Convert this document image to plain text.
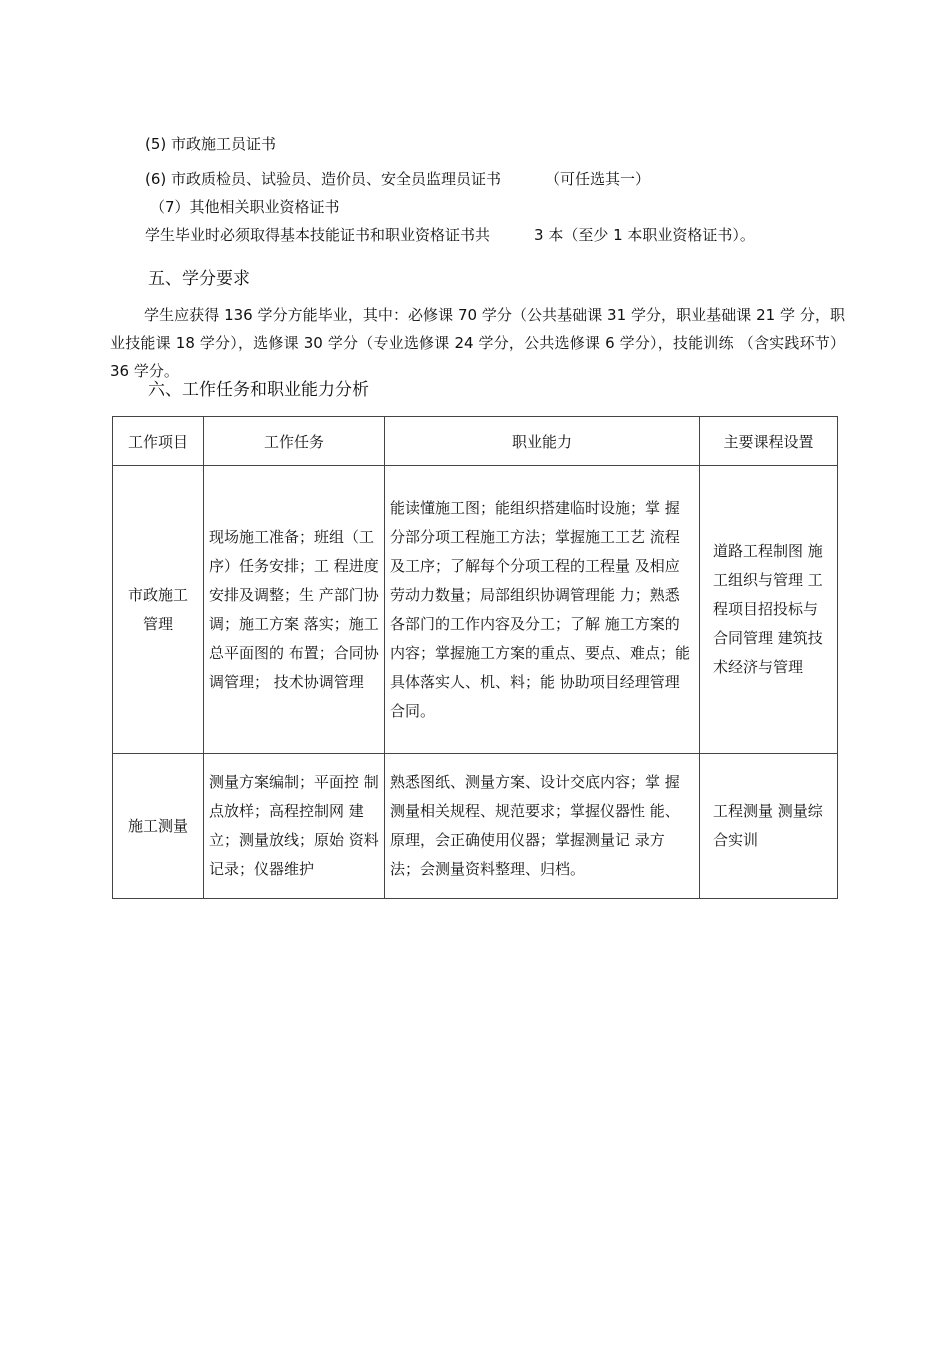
(5) 市政施工员证书
(6) 市政质检员、试验员、造价员、安全员监理员证书	（可任选其一）
（7）其他相关职业资格证书
学生毕业时必须取得基本技能证书和职业资格证书共	3 本（至少 1 本职业资格证书）。
五、学分要求
学生应获得 136 学分方能毕业，其中：必修课 70 学分（公共基础课 31 学分，职业基础课 21 学 分，职业技能课 18 学分），选修课 30 学分（专业选修课 24 学分，公共选修课 6 学分），技能训练 （含实践环节）36 学分。
六、工作任务和职业能力分析
工作项目	工作任务	职业能力	主要课程设置
市政施工管理	现场施工准备；班组（工序）任务安排；工 程进度安排及调整；生 产部门协调；施工方案 落实；施工总平面图的 布置；合同协调管理； 技术协调管理	能读懂施工图；能组织搭建临时设施；掌 握分部分项工程施工方法；掌握施工工艺 流程及工序；了解每个分项工程的工程量 及相应劳动力数量；局部组织协调管理能 力；熟悉各部门的工作内容及分工；了解 施工方案的内容；掌握施工方案的重点、要点、难点；能具体落实人、机、料；能 协助项目经理管理合同。	道路工程制图 施工组织与管理 工程项目招投标与合同管理 建筑技术经济与管理
施工测量	测量方案编制；平面控 制点放样；高程控制网 建立；测量放线；原始 资料记录；仪器维护	熟悉图纸、测量方案、设计交底内容；掌 握测量相关规程、规范要求；掌握仪器性 能、原理，会正确使用仪器；掌握测量记 录方法；会测量资料整理、归档。	工程测量 测量综合实训
